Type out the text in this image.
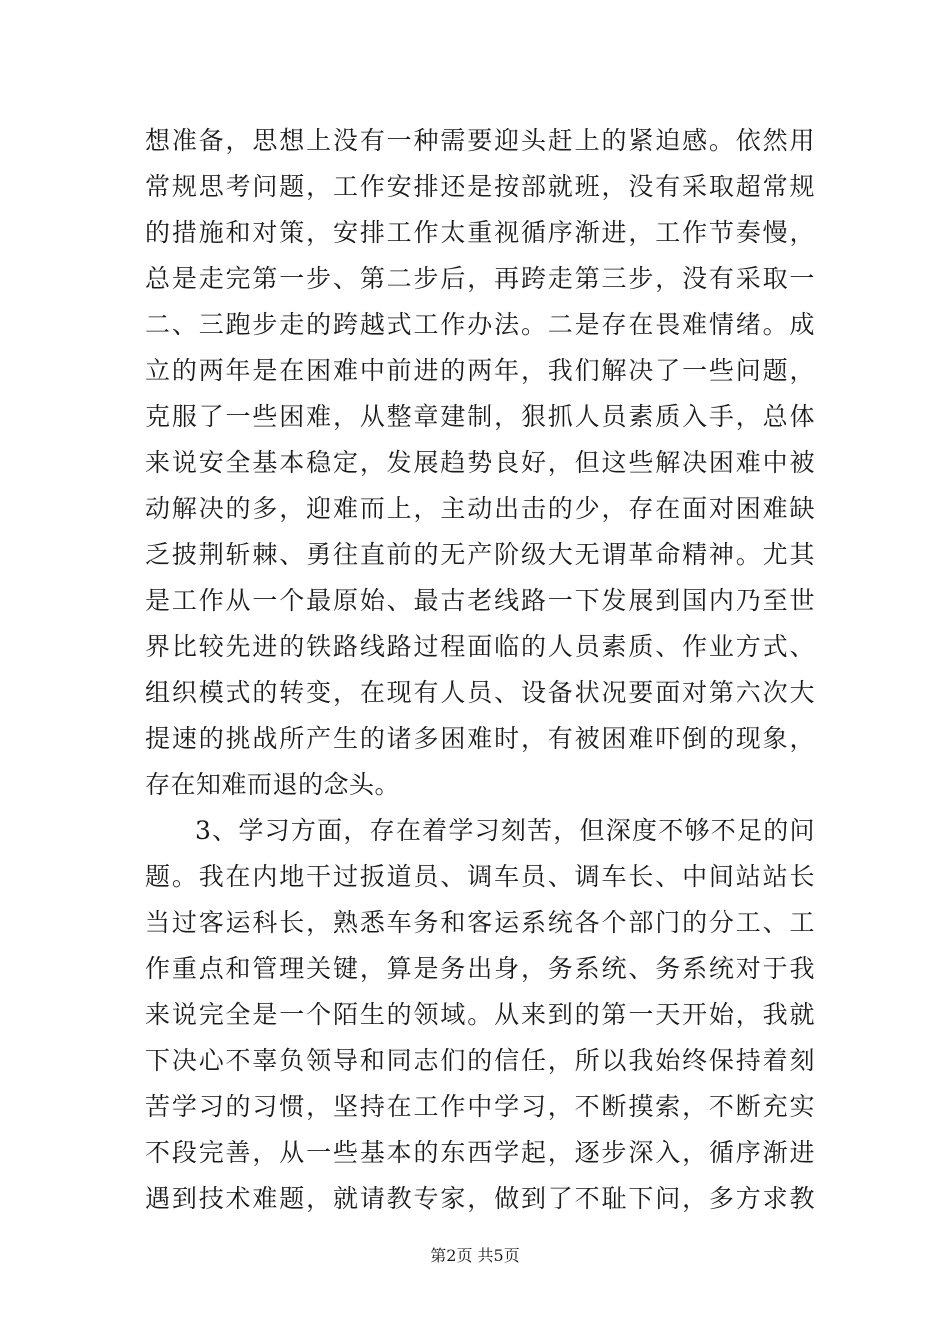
想准备，思想上没有一种需要迎头赶上的紧迫感。依然用
常规思考问题，工作安排还是按部就班，没有采取超常规
的措施和对策，安排工作太重视循序渐进，工作节奏慢，
总是走完第一步、第二步后，再跨走第三步，没有采取一
二、三跑步走的跨越式工作办法。二是存在畏难情绪。成
立的两年是在困难中前进的两年，我们解决了一些问题，
克服了一些困难，从整章建制，狠抓人员素质入手，总体
来说安全基本稳定，发展趋势良好，但这些解决困难中被
动解决的多，迎难而上，主动出击的少，存在面对困难缺
乏披荆斩棘、勇往直前的无产阶级大无谓革命精神。尤其
是工作从一个最原始、最古老线路一下发展到国内乃至世
界比较先进的铁路线路过程面临的人员素质、作业方式、
组织模式的转变，在现有人员、设备状况要面对第六次大
提速的挑战所产生的诸多困难时，有被困难吓倒的现象，
存在知难而退的念头。
3、学习方面，存在着学习刻苦，但深度不够不足的问
题。我在内地干过扳道员、调车员、调车长、中间站站长
当过客运科长，熟悉车务和客运系统各个部门的分工、工
作重点和管理关键，算是务出身，务系统、务系统对于我
来说完全是一个陌生的领域。从来到的第一天开始，我就
下决心不辜负领导和同志们的信任，所以我始终保持着刻
苦学习的习惯，坚持在工作中学习，不断摸索，不断充实
不段完善，从一些基本的东西学起，逐步深入，循序渐进
遇到技术难题，就请教专家，做到了不耻下问，多方求教
第2页 共5页
